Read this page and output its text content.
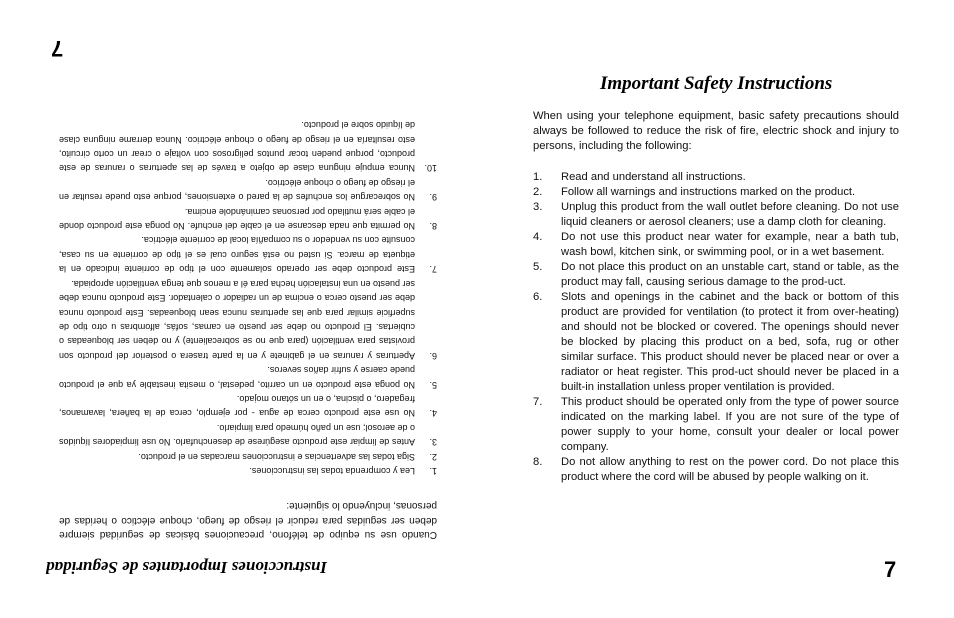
7
Instrucciones Importantes de Seguridad

Cuando use su equipo de teléfono, precauciones básicas de seguridad siempre deben ser seguidas para reducir el riesgo de fuego, choque eléctico o heridas de personas, incluyendo lo siguiente:

1.
Lea y comprenda todas las instrucciones.
2.
Siga todas las advertencias e instrucciones marcadas en el producto.
3.
Antes de limpiar este producto asegúrese de desenchufarlo. No use limpiadores líquidos o de aerosol; use un paño húmedo para limpiarlo.
4.
No use este producto cerca de agua - por ejemplo, cerca de la bañera, lavamanos, fregadero, o piscina, o en un sótano mojado.
5.
No ponga este producto en un carrito, pedestal, o mesita inestable ya que el producto puede caerse y sufrir daños severos.
6.
Aperturas y ranuras en el gabinete y en la parte trasera o posterior del producto son provistas para ventilación (para que no se sobrecaliente) y no deben ser bloqueadas o cubiertas. El producto no debe ser puesto en camas, sofás, alfombras u otro tipo de superficie similar para que las aperturas nunca sean bloqueadas. Este producto nunca debe ser puesto cerca o encima de un radiador o calentador. Este producto nunca debe ser puesto en una instalación hecha para él a menos que tenga ventilación apropiada.
7.
Este producto debe ser operado solamente con el tipo de corriente indicado en la etiqueta de marca. Si usted no está seguro cual es el tipo de corriente en su casa, consulte con su vendedor o su compañía local de corriente eléctrica.
8.
No permita que nada descanse en el cable del enchufe. No ponga este producto donde el cable será mutilado por personas caminándole encima.
9.
No sobrecargue los enchufes de la pared o extensiones, porque esto puede resultar en el riesgo de fuego o choque eléctrico.
10.
Nunca empuje ninguna clase de objeto a través de las aperturas o ranuras de este producto, porque pueden tocar puntos peligrosos con voltaje o crear un corto circuito, esto resultaría en el riesgo de fuego o choque eléctrico. Nunca derrame ninguna clase de líquido sobre el producto.
Important Safety Instructions

When using your telephone equipment, basic safety precautions should always be followed to reduce the risk of fire, electric shock and injury to persons, including the following:

1. Read and understand all instructions.
2. Follow all warnings and instructions marked on the product.
3. Unplug this product from the wall outlet before cleaning. Do not use liquid cleaners or aerosol cleaners; use a damp cloth for cleaning.
4. Do not use this product near water for example, near a bath tub, wash bowl, kitchen sink, or swimming pool, or in a wet basement.
5. Do not place this product on an unstable cart, stand or table, as the product may fall, causing serious damage to the prod-uct.
6. Slots and openings in the cabinet and the back or bottom of this product are provided for ventilation (to protect it from over-heating) and should not be blocked or covered. The openings should never be blocked by placing this product on a bed, sofa, rug or other similar surface. This product should never be placed near or over a radiator or heat register. This prod-uct should never be placed in a built-in installation unless proper ventilation is provided.
7. This product should be operated only from the type of power source indicated on the marking label. If you are not sure of the type of power supply to your home, consult your dealer or local power company.
8. Do not allow anything to rest on the power cord. Do not place this product where the cord will be abused by people walking on it.
7
